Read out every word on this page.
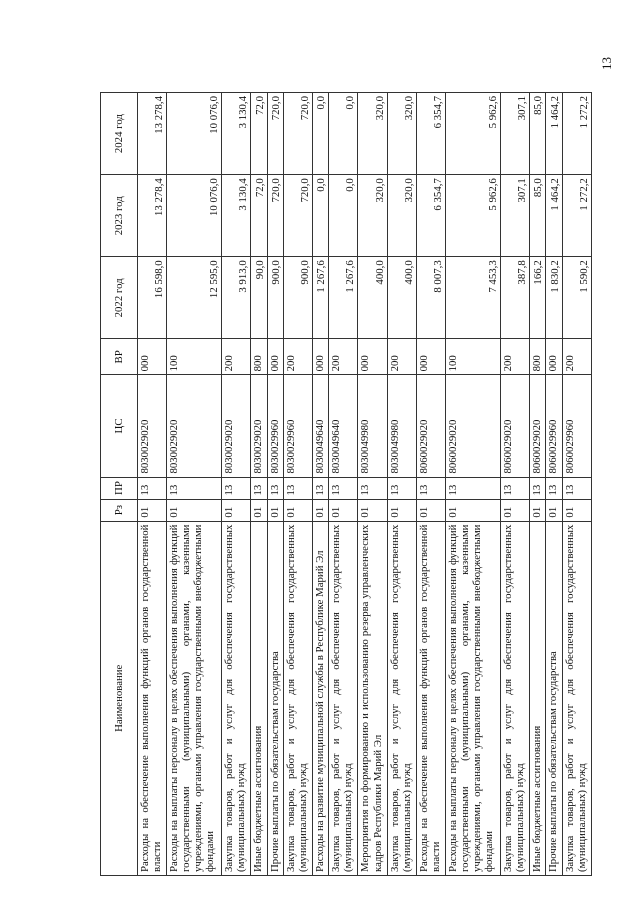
13
Наименование	Рз	ПР	ЦС	ВР	2022 год	2023 год	2024 год
Расходы на обеспечение выполнения функций органов государственной власти	01	13	8030029020	000	16 598,0	13 278,4	13 278,4
Расходы на выплаты персоналу в целях обеспечения выполнения функций государственными (муниципальными) органами, казенными учреждениями, органами управления государственными внебюджетными фондами	01	13	8030029020	100	12 595,0	10 076,0	10 076,0
Закупка товаров, работ и услуг для обеспечения государственных (муниципальных) нужд	01	13	8030029020	200	3 913,0	3 130,4	3 130,4
Иные бюджетные ассигнования	01	13	8030029020	800	90,0	72,0	72,0
Прочие выплаты по обязательствам государства	01	13	8030029960	000	900,0	720,0	720,0
Закупка товаров, работ и услуг для обеспечения государственных (муниципальных) нужд	01	13	8030029960	200	900,0	720,0	720,0
Расходы на развитие муниципальной службы в Республике Марий Эл	01	13	8030049640	000	1 267,6	0,0	0,0
Закупка товаров, работ и услуг для обеспечения государственных (муниципальных) нужд	01	13	8030049640	200	1 267,6	0,0	0,0
Мероприятия по формированию и использованию резерва управленческих кадров Республики Марий Эл	01	13	8030049980	000	400,0	320,0	320,0
Закупка товаров, работ и услуг для обеспечения государственных (муниципальных) нужд	01	13	8030049980	200	400,0	320,0	320,0
Расходы на обеспечение выполнения функций органов государственной власти	01	13	8060029020	000	8 007,3	6 354,7	6 354,7
Расходы на выплаты персоналу в целях обеспечения выполнения функций государственными (муниципальными) органами, казенными учреждениями, органами управления государственными внебюджетными фондами	01	13	8060029020	100	7 453,3	5 962,6	5 962,6
Закупка товаров, работ и услуг для обеспечения государственных (муниципальных) нужд	01	13	8060029020	200	387,8	307,1	307,1
Иные бюджетные ассигнования	01	13	8060029020	800	166,2	85,0	85,0
Прочие выплаты по обязательствам государства	01	13	8060029960	000	1 830,2	1 464,2	1 464,2
Закупка товаров, работ и услуг для обеспечения государственных (муниципальных) нужд	01	13	8060029960	200	1 590,2	1 272,2	1 272,2
